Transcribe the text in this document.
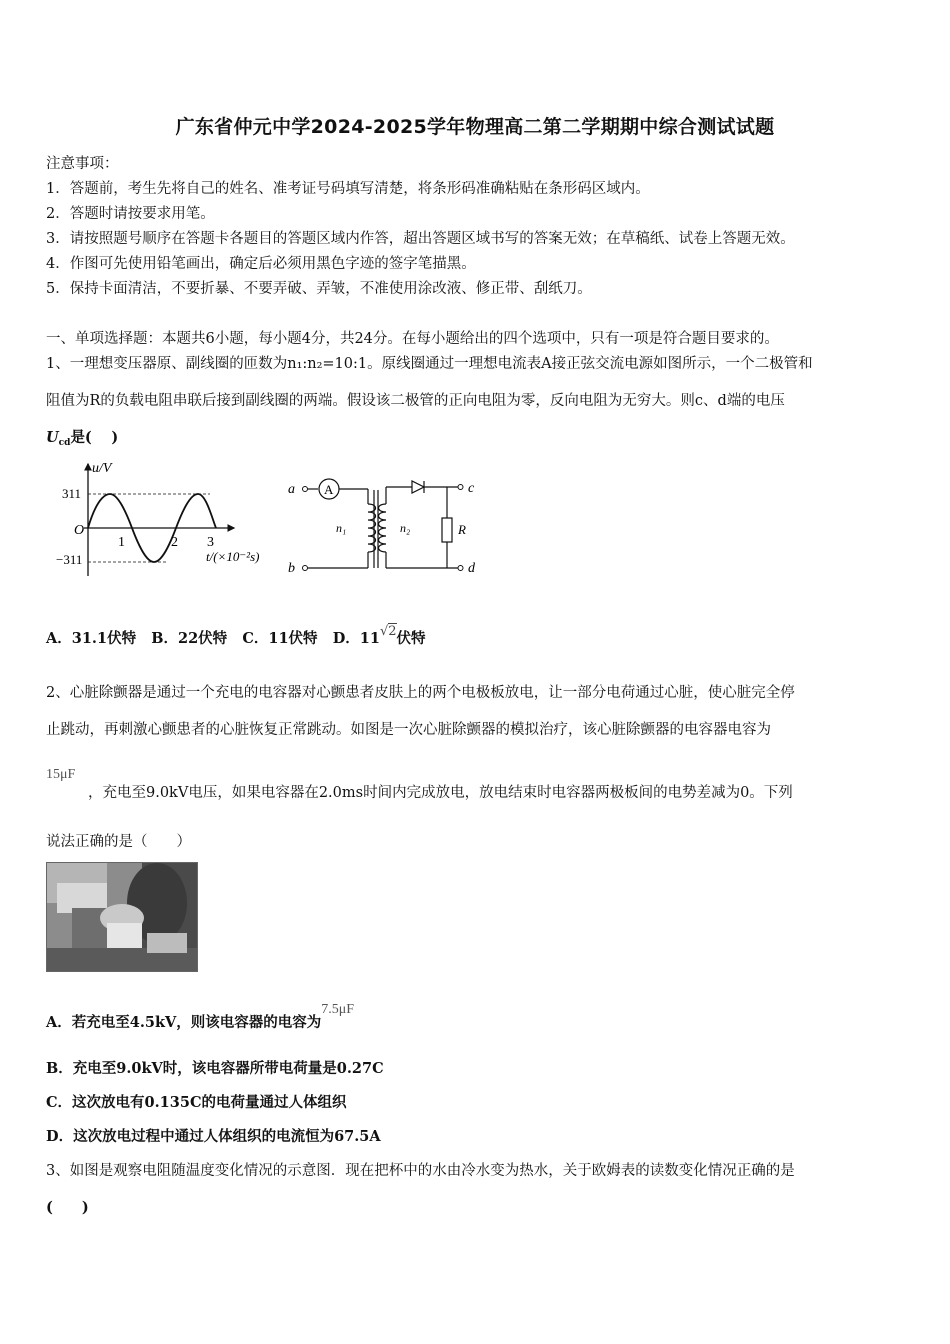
广东省仲元中学2024-2025学年物理高二第二学期期中综合测试试题
注意事项：
1．答题前，考生先将自己的姓名、准考证号码填写清楚，将条形码准确粘贴在条形码区域内。
2．答题时请按要求用笔。
3．请按照题号顺序在答题卡各题目的答题区域内作答，超出答题区域书写的答案无效；在草稿纸、试卷上答题无效。
4．作图可先使用铅笔画出，确定后必须用黑色字迹的签字笔描黑。
5．保持卡面清洁，不要折暴、不要弄破、弄皱，不准使用涂改液、修正带、刮纸刀。
一、单项选择题：本题共6小题，每小题4分，共24分。在每小题给出的四个选项中，只有一项是符合题目要求的。
1、一理想变压器原、副线圈的匝数为n₁:n₂=10:1。原线圈通过一理想电流表A接正弦交流电源如图所示，一个二极管和
阻值为R的负载电阻串联后接到副线圈的两端。假设该二极管的正向电阻为零，反向电阻为无穷大。则c、d端的电压
$U_{cd}$是(　 )
u/V
311
O
−311
1	2 3
t/(×10⁻²s)
a A
b
n₁	n₂
c
d
R
A．31.1伏特 B．22伏特 C．11伏特 D．11√2伏特
2、心脏除颤器是通过一个充电的电容器对心颤患者皮肤上的两个电极板放电，让一部分电荷通过心脏，使心脏完全停
止跳动，再刺激心颤患者的心脏恢复正常跳动。如图是一次心脏除颤器的模拟治疗，该心脏除颤器的电容器电容为
15μF
，充电至9.0kV电压，如果电容器在2.0ms时间内完成放电，放电结束时电容器两极板间的电势差减为0。下列
说法正确的是（　　）
A．若充电至4.5kV，则该电容器的电容为7.5μF
B．充电至9.0kV时，该电容器所带电荷量是0.27C
C．这次放电有0.135C的电荷量通过人体组织
D．这次放电过程中通过人体组织的电流恒为67.5A
3、如图是观察电阻随温度变化情况的示意图．现在把杯中的水由冷水变为热水，关于欧姆表的读数变化情况正确的是
(　　)
